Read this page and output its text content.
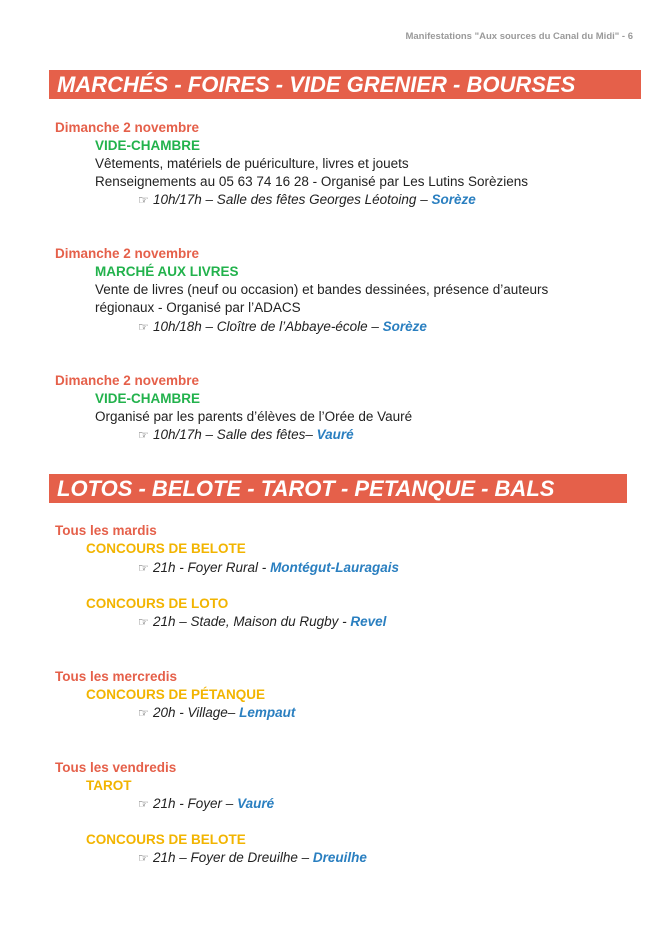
Manifestations "Aux sources du Canal du Midi" - 6
MARCHÉS - FOIRES - VIDE GRENIER - BOURSES
Dimanche 2 novembre
VIDE-CHAMBRE
Vêtements, matériels de puériculture, livres et jouets
Renseignements au 05 63 74 16 28 - Organisé par Les Lutins Sorèziens
☞ 10h/17h – Salle des fêtes Georges Léotoing – Sorèze
Dimanche 2 novembre
MARCHÉ AUX LIVRES
Vente de livres (neuf ou occasion) et bandes dessinées, présence d’auteurs
régionaux - Organisé par l’ADACS
☞ 10h/18h – Cloître de l’Abbaye-école – Sorèze
Dimanche 2 novembre
VIDE-CHAMBRE
Organisé par les parents d’élèves de l’Orée de Vauré
☞ 10h/17h – Salle des fêtes– Vauré
LOTOS - BELOTE - TAROT - PETANQUE - BALS
Tous les mardis
CONCOURS DE BELOTE
☞ 21h - Foyer Rural - Montégut-Lauragais
CONCOURS DE LOTO
☞ 21h – Stade, Maison du Rugby - Revel
Tous les mercredis
CONCOURS DE PÉTANQUE
☞ 20h - Village– Lempaut
Tous les vendredis
TAROT
☞ 21h - Foyer – Vauré
CONCOURS DE BELOTE
☞ 21h – Foyer de Dreuilhe – Dreuilhe
